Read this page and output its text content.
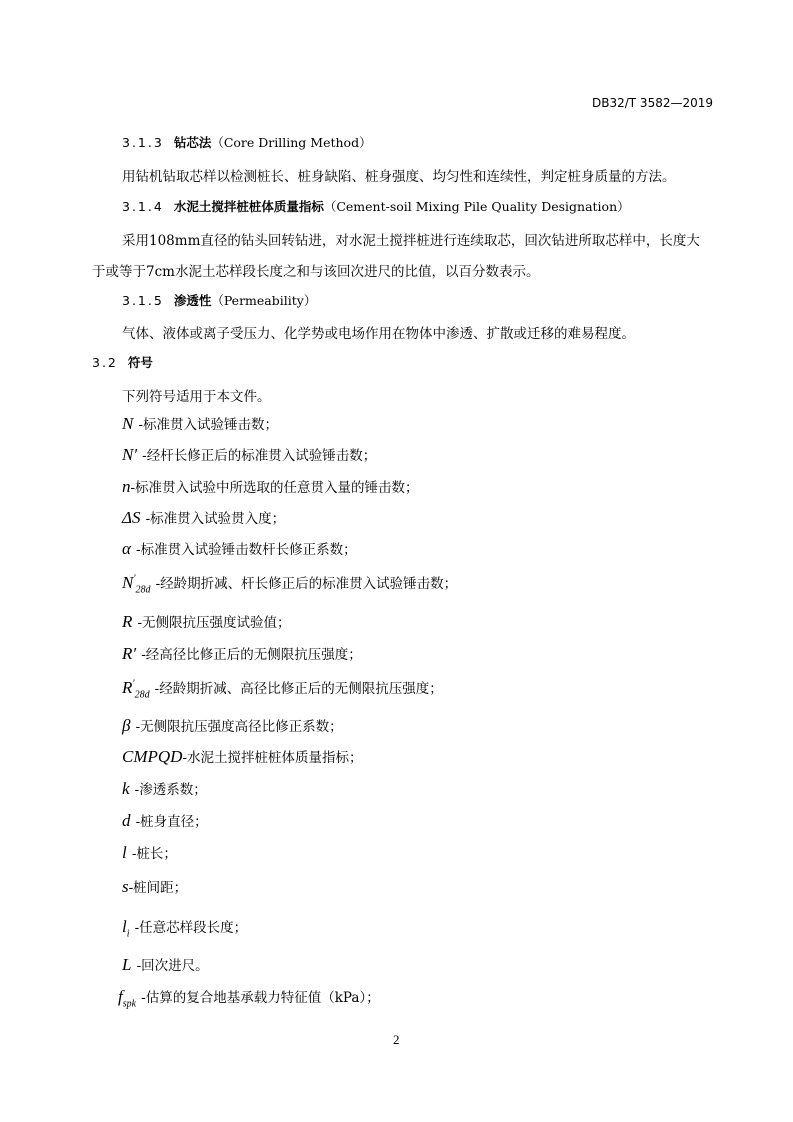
DB32/T 3582—2019
3.1.3 钻芯法（Core Drilling Method）
用钻机钻取芯样以检测桩长、桩身缺陷、桩身强度、均匀性和连续性，判定桩身质量的方法。
3.1.4 水泥土搅拌桩桩体质量指标（Cement-soil Mixing Pile Quality Designation）
采用108mm直径的钻头回转钻进，对水泥土搅拌桩进行连续取芯，回次钻进所取芯样中，长度大
于或等于7cm水泥土芯样段长度之和与该回次进尺的比值，以百分数表示。
3.1.5 渗透性（Permeability）
气体、液体或离子受压力、化学势或电场作用在物体中渗透、扩散或迁移的难易程度。
3.2 符号
下列符号适用于本文件。
N -标准贯入试验锤击数；
N′ -经杆长修正后的标准贯入试验锤击数；
n-标准贯入试验中所选取的任意贯入量的锤击数；
ΔS -标准贯入试验贯入度；
α -标准贯入试验锤击数杆长修正系数；
$N'_{28d}$ -经龄期折减、杆长修正后的标准贯入试验锤击数；
R -无侧限抗压强度试验值；
R′ -经高径比修正后的无侧限抗压强度；
$R'_{28d}$ -经龄期折减、高径比修正后的无侧限抗压强度；
β -无侧限抗压强度高径比修正系数；
CMPQD-水泥土搅拌桩桩体质量指标；
k -渗透系数；
d -桩身直径；
l -桩长；
s-桩间距；
$l_i$ -任意芯样段长度；
L -回次进尺。
$f_{spk}$ -估算的复合地基承载力特征值（kPa）；
2
